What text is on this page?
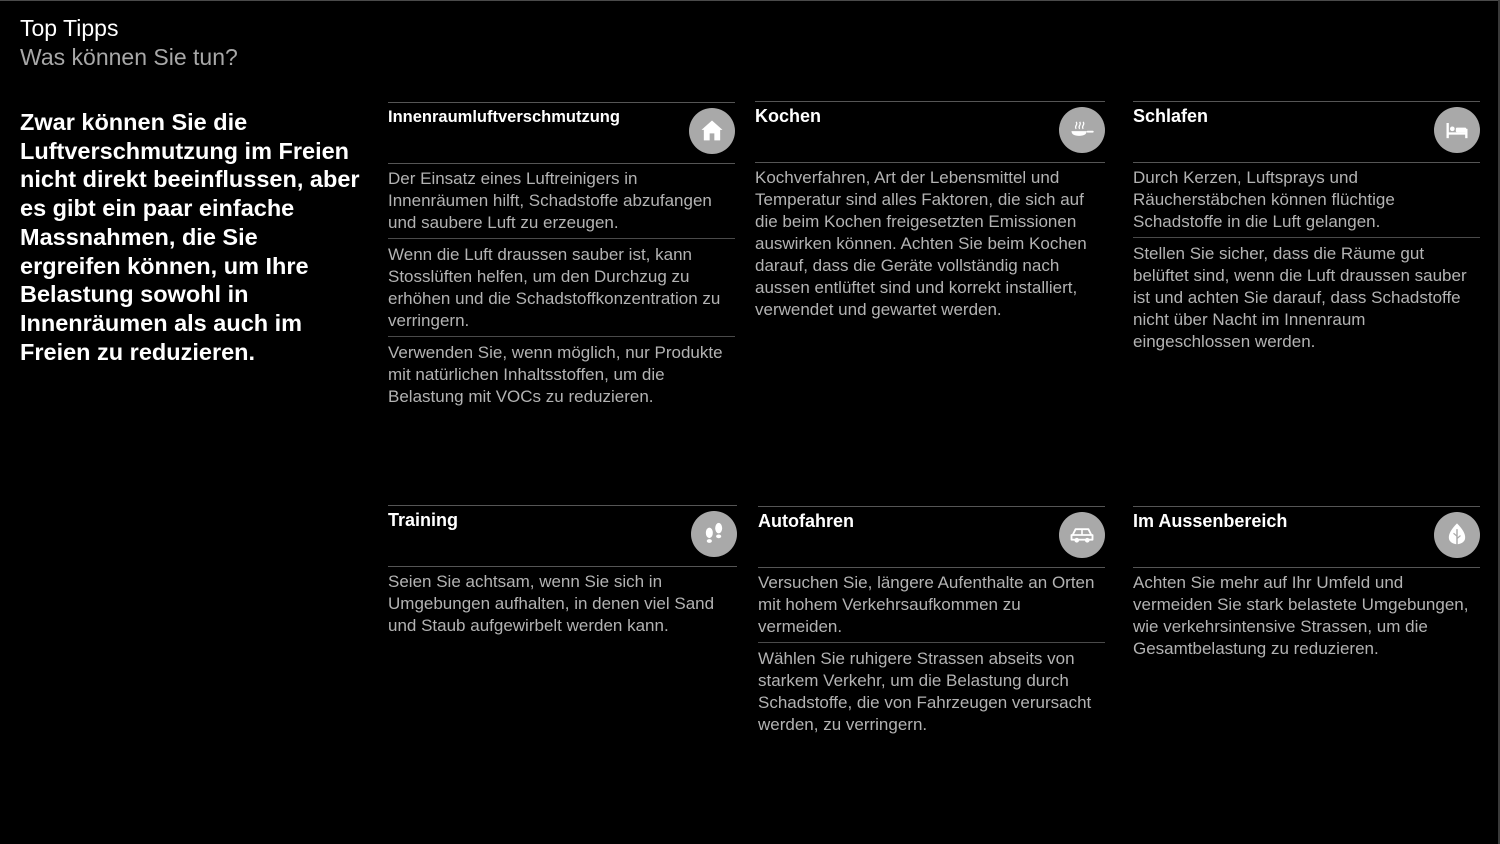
Top Tipps
Was können Sie tun?
Zwar können Sie die Luftverschmutzung im Freien nicht direkt beeinflussen, aber es gibt ein paar einfache Massnahmen, die Sie ergreifen können, um Ihre Belastung sowohl in Innenräumen als auch im Freien zu reduzieren.
Innenraumluftverschmutzung
Der Einsatz eines Luftreinigers in Innenräumen hilft, Schadstoffe abzufangen und saubere Luft zu erzeugen.
Wenn die Luft draussen sauber ist, kann Stosslüften helfen, um den Durchzug zu erhöhen und die Schadstoffkonzentration zu verringern.
Verwenden Sie, wenn möglich, nur Produkte mit natürlichen Inhaltsstoffen, um die Belastung mit VOCs zu reduzieren.
Kochen
Kochverfahren, Art der Lebensmittel und Temperatur sind alles Faktoren, die sich auf die beim Kochen freigesetzten Emissionen auswirken können. Achten Sie beim Kochen darauf, dass die Geräte vollständig nach aussen entlüftet sind und korrekt installiert, verwendet und gewartet werden.
Schlafen
Durch Kerzen, Luftsprays und Räucherstäbchen können flüchtige Schadstoffe in die Luft gelangen.
Stellen Sie sicher, dass die Räume gut belüftet sind, wenn die Luft draussen sauber ist und achten Sie darauf, dass Schadstoffe nicht über Nacht im Innenraum eingeschlossen werden.
Training
Seien Sie achtsam, wenn Sie sich in Umgebungen aufhalten, in denen viel Sand und Staub aufgewirbelt werden kann.
Autofahren
Versuchen Sie, längere Aufenthalte an Orten mit hohem Verkehrsaufkommen zu vermeiden.
Wählen Sie ruhigere Strassen abseits von starkem Verkehr, um die Belastung durch Schadstoffe, die von Fahrzeugen verursacht werden, zu verringern.
Im Aussenbereich
Achten Sie mehr auf Ihr Umfeld und vermeiden Sie stark belastete Umgebungen, wie verkehrsintensive Strassen, um die Gesamtbelastung zu reduzieren.
